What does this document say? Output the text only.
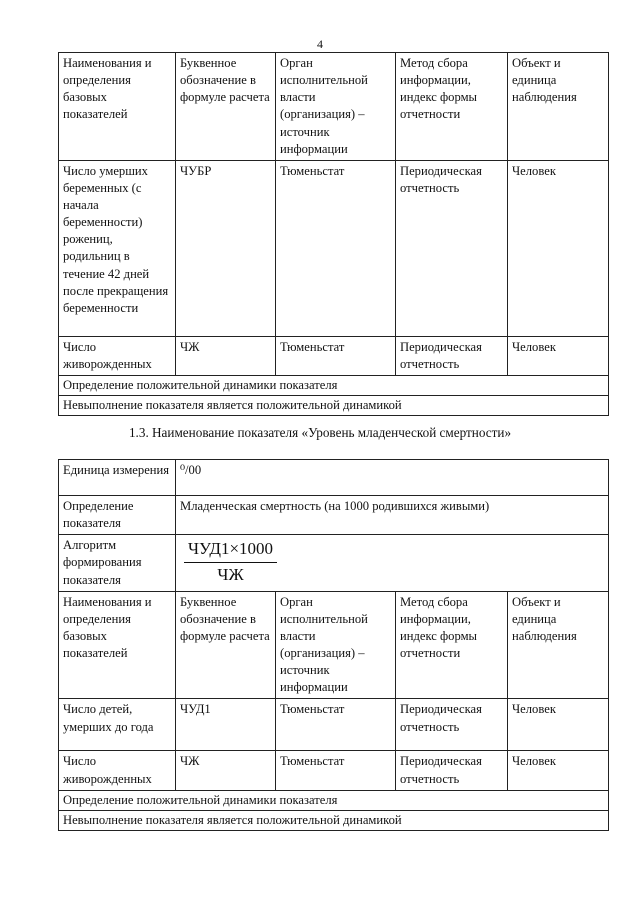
4
Наименования и определения базовых показателей	Буквенное обозначение в формуле расчета	Орган исполнительной власти (организация) – источник информации	Метод сбора информации, индекс формы отчетности	Объект и единица наблюдения
Число умерших беременных (с начала беременности) рожениц, родильниц в течение 42 дней после прекращения беременности	ЧУБР	Тюменьстат	Периодическая отчетность	Человек
Число живорожденных	ЧЖ	Тюменьстат	Периодическая отчетность	Человек
Определение положительной динамики показателя				
Невыполнение показателя является положительной динамикой				
1.3. Наименование показателя «Уровень младенческой смертности»
Единица измерения	⁰/00			
Определение показателя	Младенческая смертность (на 1000 родившихся живыми)			
Алгоритм формирования показателя	$\frac{\text{ЧУД1×1000}}{ЧЖ}$

Наименования и определения базовых показателей	Буквенное обозначение в формуле расчета	Орган исполнительной власти (организация) – источник информации	Метод сбора информации, индекс формы отчетности	Объект и единица наблюдения
Число детей, умерших до года	ЧУД1	Тюменьстат	Периодическая отчетность	Человек
Число живорожденных	ЧЖ	Тюменьстат	Периодическая отчетность	Человек
Определение положительной динамики показателя				
Невыполнение показателя является положительной динамикой				
